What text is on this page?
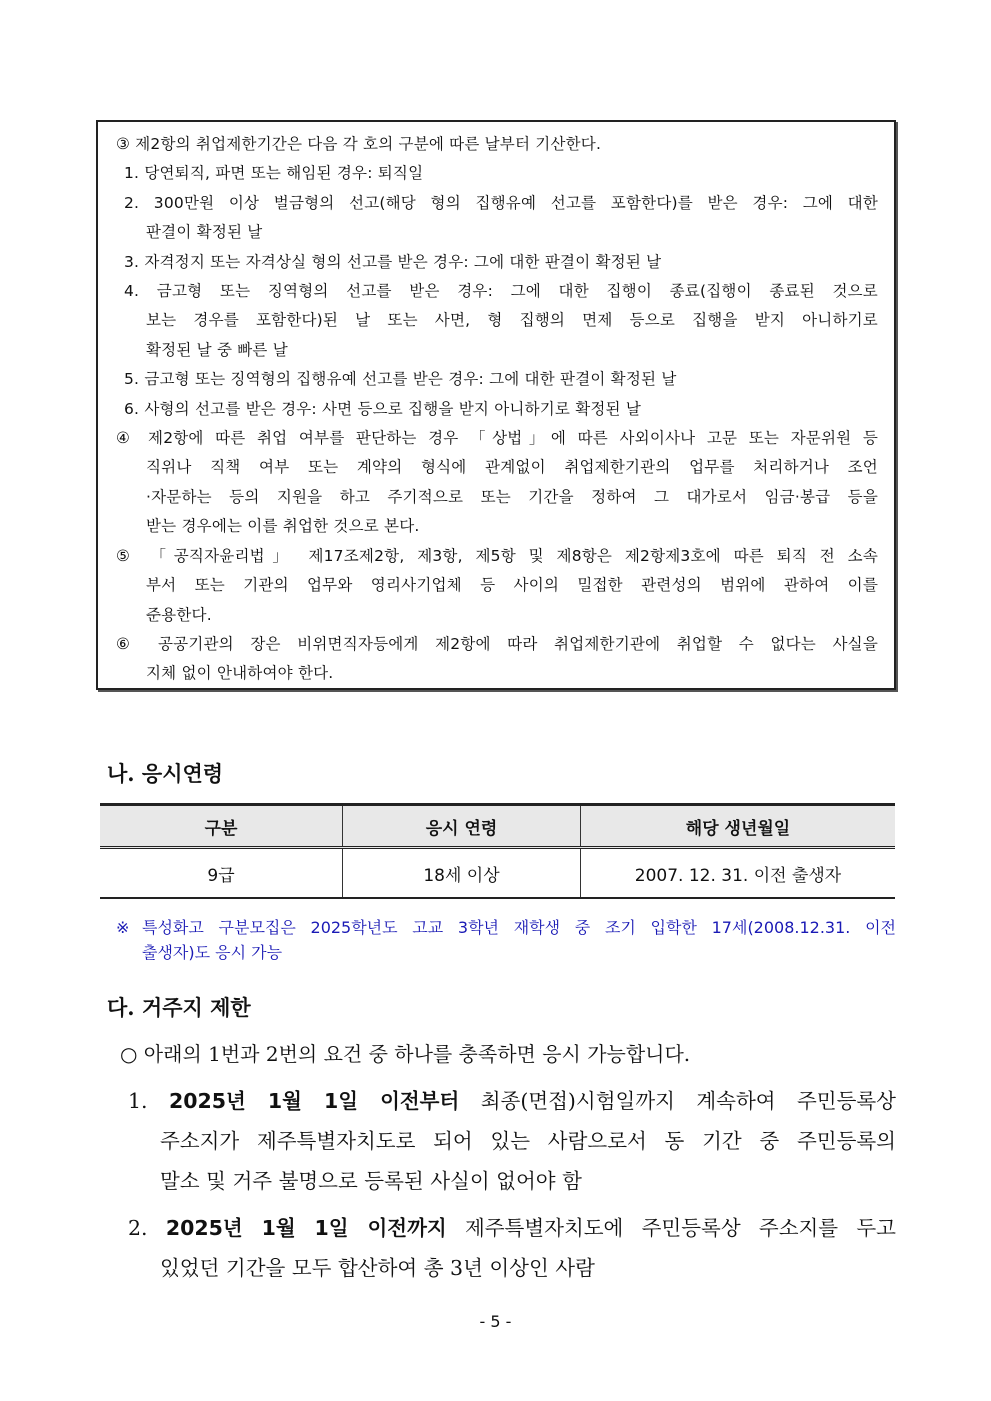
③ 제2항의 취업제한기간은 다음 각 호의 구분에 따른 날부터 기산한다.
1. 당연퇴직, 파면 또는 해임된 경우: 퇴직일
2. 300만원 이상 벌금형의 선고(해당 형의 집행유예 선고를 포함한다)를 받은 경우: 그에 대한
판결이 확정된 날
3. 자격정지 또는 자격상실 형의 선고를 받은 경우: 그에 대한 판결이 확정된 날
4. 금고형 또는 징역형의 선고를 받은 경우: 그에 대한 집행이 종료(집행이 종료된 것으로
보는 경우를 포함한다)된 날 또는 사면, 형 집행의 면제 등으로 집행을 받지 아니하기로
확정된 날 중 빠른 날
5. 금고형 또는 징역형의 집행유예 선고를 받은 경우: 그에 대한 판결이 확정된 날
6. 사형의 선고를 받은 경우: 사면 등으로 집행을 받지 아니하기로 확정된 날
④ 제2항에 따른 취업 여부를 판단하는 경우 「상법」에 따른 사외이사나 고문 또는 자문위원 등
직위나 직책 여부 또는 계약의 형식에 관계없이 취업제한기관의 업무를 처리하거나 조언
·자문하는 등의 지원을 하고 주기적으로 또는 기간을 정하여 그 대가로서 임금·봉급 등을
받는 경우에는 이를 취업한 것으로 본다.
⑤ 「공직자윤리법」 제17조제2항, 제3항, 제5항 및 제8항은 제2항제3호에 따른 퇴직 전 소속
부서 또는 기관의 업무와 영리사기업체 등 사이의 밀접한 관련성의 범위에 관하여 이를
준용한다.
⑥ 공공기관의 장은 비위면직자등에게 제2항에 따라 취업제한기관에 취업할 수 없다는 사실을
지체 없이 안내하여야 한다.
나. 응시연령
구분	응시 연령	해당 생년월일
9급	18세 이상	2007. 12. 31. 이전 출생자
※ 특성화고 구분모집은 2025학년도 고교 3학년 재학생 중 조기 입학한 17세(2008.12.31. 이전
출생자)도 응시 가능
다. 거주지 제한
○ 아래의 1번과 2번의 요건 중 하나를 충족하면 응시 가능합니다.
1. 2025년 1월 1일 이전부터 최종(면접)시험일까지 계속하여 주민등록상
주소지가 제주특별자치도로 되어 있는 사람으로서 동 기간 중 주민등록의
말소 및 거주 불명으로 등록된 사실이 없어야 함
2. 2025년 1월 1일 이전까지 제주특별자치도에 주민등록상 주소지를 두고
있었던 기간을 모두 합산하여 총 3년 이상인 사람
- 5 -
